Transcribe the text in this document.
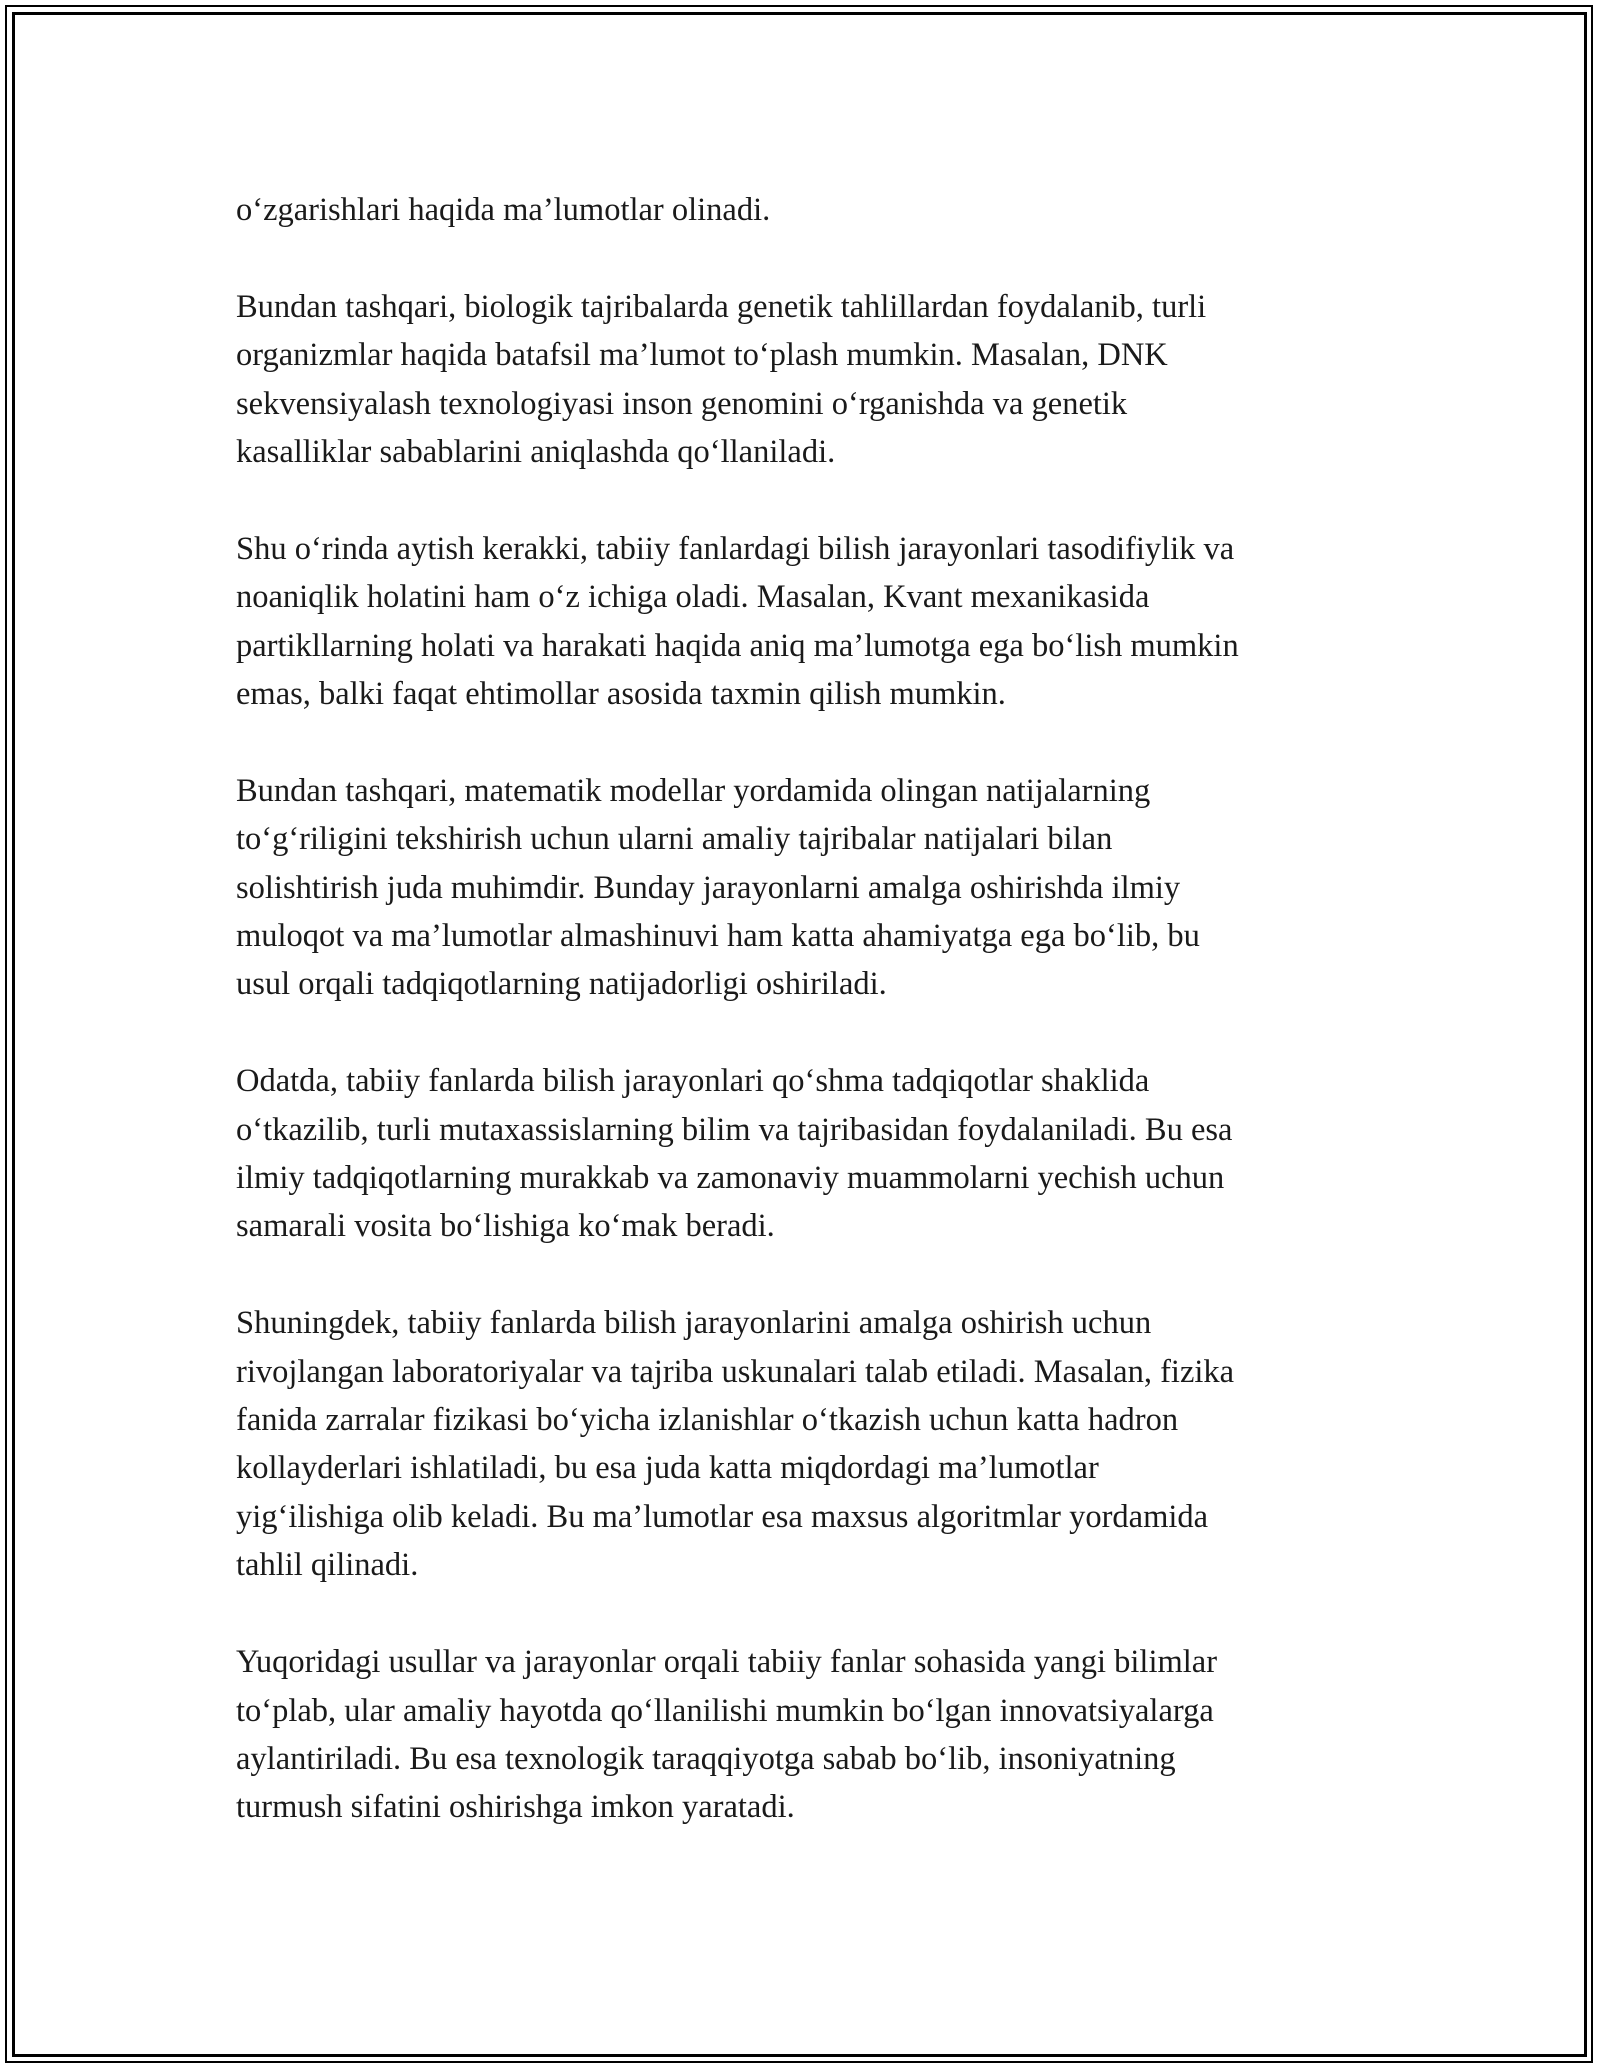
o‘zgarishlari haqida ma’lumotlar olinadi.

Bundan tashqari, biologik tajribalarda genetik tahlillardan foydalanib, turli
organizmlar haqida batafsil ma’lumot to‘plash mumkin. Masalan, DNK
sekvensiyalash texnologiyasi inson genomini o‘rganishda va genetik
kasalliklar sabablarini aniqlashda qo‘llaniladi.

Shu o‘rinda aytish kerakki, tabiiy fanlardagi bilish jarayonlari tasodifiylik va
noaniqlik holatini ham o‘z ichiga oladi. Masalan, Kvant mexanikasida
partikllarning holati va harakati haqida aniq ma’lumotga ega bo‘lish mumkin
emas, balki faqat ehtimollar asosida taxmin qilish mumkin.

Bundan tashqari, matematik modellar yordamida olingan natijalarning
to‘g‘riligini tekshirish uchun ularni amaliy tajribalar natijalari bilan
solishtirish juda muhimdir. Bunday jarayonlarni amalga oshirishda ilmiy
muloqot va ma’lumotlar almashinuvi ham katta ahamiyatga ega bo‘lib, bu
usul orqali tadqiqotlarning natijadorligi oshiriladi.

Odatda, tabiiy fanlarda bilish jarayonlari qo‘shma tadqiqotlar shaklida
o‘tkazilib, turli mutaxassislarning bilim va tajribasidan foydalaniladi. Bu esa
ilmiy tadqiqotlarning murakkab va zamonaviy muammolarni yechish uchun
samarali vosita bo‘lishiga ko‘mak beradi.

Shuningdek, tabiiy fanlarda bilish jarayonlarini amalga oshirish uchun
rivojlangan laboratoriyalar va tajriba uskunalari talab etiladi. Masalan, fizika
fanida zarralar fizikasi bo‘yicha izlanishlar o‘tkazish uchun katta hadron
kollayderlari ishlatiladi, bu esa juda katta miqdordagi ma’lumotlar
yig‘ilishiga olib keladi. Bu ma’lumotlar esa maxsus algoritmlar yordamida
tahlil qilinadi.

Yuqoridagi usullar va jarayonlar orqali tabiiy fanlar sohasida yangi bilimlar
to‘plab, ular amaliy hayotda qo‘llanilishi mumkin bo‘lgan innovatsiyalarga
aylantiriladi. Bu esa texnologik taraqqiyotga sabab bo‘lib, insoniyatning
turmush sifatini oshirishga imkon yaratadi.
